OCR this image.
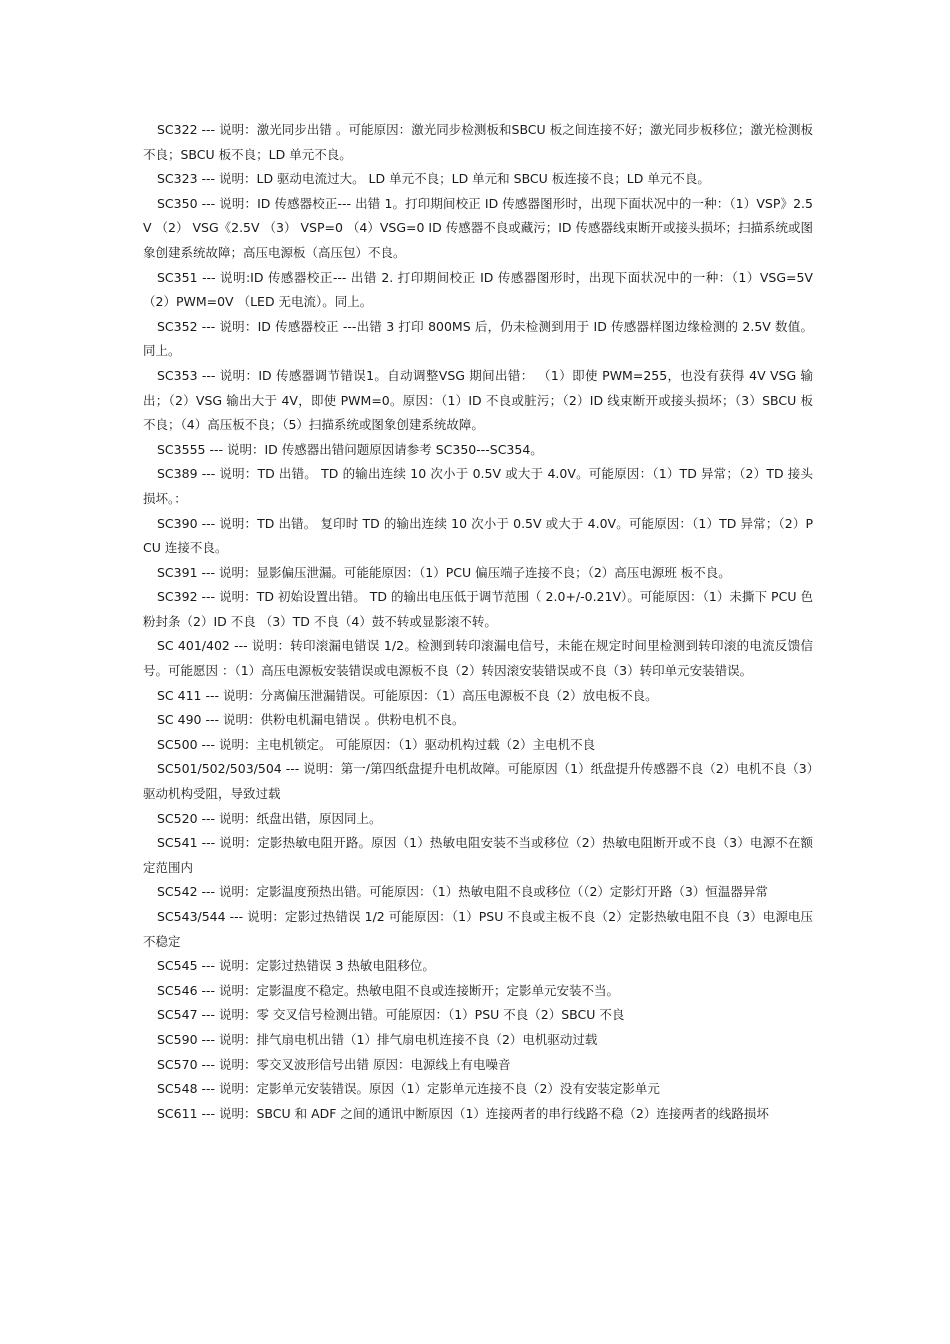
SC322 --- 说明：激光同步出错 。可能原因：激光同步检测板和SBCU 板之间连接不好；激光同步板移位；激光检测板不良；SBCU 板不良；LD 单元不良。

SC323 --- 说明：LD 驱动电流过大。 LD 单元不良；LD 单元和 SBCU 板连接不良；LD 单元不良。

SC350 --- 说明：ID 传感器校正--- 出错 1。打印期间校正 ID 传感器图形时，出现下面状况中的一种：（1）VSP》2.5V （2） VSG《2.5V （3） VSP=0 （4）VSG=0 ID 传感器不良或藏污；ID 传感器线束断开或接头损坏；扫描系统或图象创建系统故障；高压电源板（高压包）不良。

SC351 --- 说明:ID 传感器校正--- 出错 2. 打印期间校正 ID 传感器图形时，出现下面状况中的一种：（1）VSG=5V （2）PWM=0V （LED 无电流）。同上。

SC352 --- 说明：ID 传感器校正 ---出错 3 打印 800MS 后，仍未检测到用于 ID 传感器样图边缘检测的 2.5V 数值。同上。

SC353 --- 说明：ID 传感器调节错误1。自动调整VSG 期间出错： （1）即使 PWM=255，也没有获得 4V VSG 输出；（2）VSG 输出大于 4V，即使 PWM=0。原因：（1）ID 不良或脏污；（2）ID 线束断开或接头损坏；（3）SBCU 板不良；（4）高压板不良；（5）扫描系统或图象创建系统故障。

SC3555 --- 说明：ID 传感器出错问题原因请参考 SC350---SC354。

SC389 --- 说明：TD 出错。 TD 的输出连续 10 次小于 0.5V 或大于 4.0V。可能原因：（1）TD 异常；（2）TD 接头损坏。：

SC390 --- 说明：TD 出错。 复印时 TD 的输出连续 10 次小于 0.5V 或大于 4.0V。可能原因：（1）TD 异常；（2）PCU 连接不良。

SC391 --- 说明：显影偏压泄漏。可能能原因：（1）PCU 偏压端子连接不良；（2）高压电源班 板不良。

SC392 --- 说明：TD 初始设置出错。 TD 的输出电压低于调节范围（ 2.0+/-0.21V）。可能原因：（1）未撕下 PCU 色粉封条（2）ID 不良 （3）TD 不良（4）鼓不转或显影滚不转。

SC 401/402 --- 说明：转印滚漏电错误 1/2。检测到转印滚漏电信号，未能在规定时间里检测到转印滚的电流反馈信号。可能愿因 ：（1）高压电源板安装错误或电源板不良（2）转因滚安装错误或不良（3）转印单元安装错误。

SC 411 --- 说明：分离偏压泄漏错误。可能原因：（1）高压电源板不良（2）放电板不良。

SC 490 --- 说明：供粉电机漏电错误 。供粉电机不良。

SC500 --- 说明：主电机锁定。 可能原因：（1）驱动机构过载（2）主电机不良

SC501/502/503/504 --- 说明：第一/第四纸盘提升电机故障。可能原因（1）纸盘提升传感器不良（2）电机不良（3）驱动机构受阻，导致过载

SC520 --- 说明：纸盘出错，原因同上。

SC541 --- 说明：定影热敏电阻开路。原因（1）热敏电阻安装不当或移位（2）热敏电阻断开或不良（3）电源不在额定范围内

SC542 --- 说明：定影温度预热出错。可能原因：（1）热敏电阻不良或移位（（2）定影灯开路（3）恒温器异常

SC543/544 --- 说明：定影过热错误 1/2 可能原因：（1）PSU 不良或主板不良（2）定影热敏电阻不良（3）电源电压不稳定

SC545 --- 说明：定影过热错误 3 热敏电阻移位。

SC546 --- 说明：定影温度不稳定。热敏电阻不良或连接断开；定影单元安装不当。

SC547 --- 说明：零 交叉信号检测出错。可能原因：（1）PSU 不良（2）SBCU 不良

SC590 --- 说明：排气扇电机出错（1）排气扇电机连接不良（2）电机驱动过载

SC570 --- 说明：零交叉波形信号出错 原因：电源线上有电噪音

SC548 --- 说明：定影单元安装错误。原因（1）定影单元连接不良（2）没有安装定影单元

SC611 --- 说明：SBCU 和 ADF 之间的通讯中断原因（1）连接两者的串行线路不稳（2）连接两者的线路损坏
